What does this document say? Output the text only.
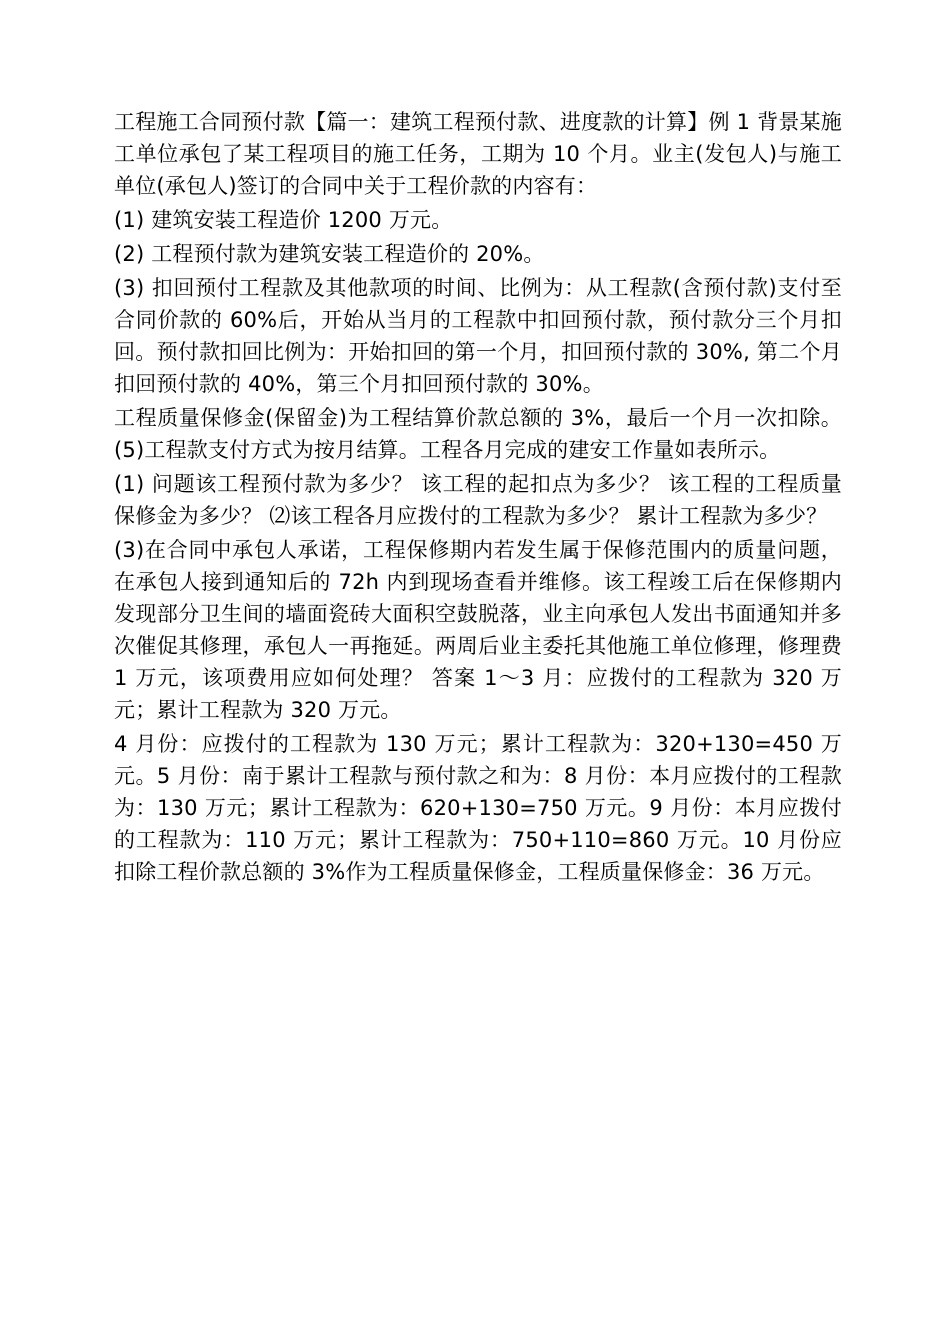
工程施工合同预付款【篇一：建筑工程预付款、进度款的计算】例 1 背景某施工单位承包了某工程项目的施工任务，工期为 10 个月。业主(发包人)与施工单位(承包人)签订的合同中关于工程价款的内容有：

(1) 建筑安装工程造价 1200 万元。

(2) 工程预付款为建筑安装工程造价的 20%。

(3) 扣回预付工程款及其他款项的时间、比例为：从工程款(含预付款)支付至合同价款的 60%后，开始从当月的工程款中扣回预付款，预付款分三个月扣回。预付款扣回比例为：开始扣回的第一个月，扣回预付款的 30%, 第二个月扣回预付款的 40%，第三个月扣回预付款的 30%。

工程质量保修金(保留金)为工程结算价款总额的 3%，最后一个月一次扣除。(5)工程款支付方式为按月结算。工程各月完成的建安工作量如表所示。

(1) 问题该工程预付款为多少？ 该工程的起扣点为多少？ 该工程的工程质量保修金为多少？ ⑵该工程各月应拨付的工程款为多少？ 累计工程款为多少？

(3)在合同中承包人承诺，工程保修期内若发生属于保修范围内的质量问题，在承包人接到通知后的 72h 内到现场查看并维修。该工程竣工后在保修期内发现部分卫生间的墙面瓷砖大面积空鼓脱落，业主向承包人发出书面通知并多次催促其修理，承包人一再拖延。两周后业主委托其他施工单位修理，修理费 1 万元，该项费用应如何处理？ 答案 1～3 月：应拨付的工程款为 320 万元；累计工程款为 320 万元。

4 月份：应拨付的工程款为 130 万元；累计工程款为：320+130=450 万元。5 月份：南于累计工程款与预付款之和为：8 月份：本月应拨付的工程款为：130 万元；累计工程款为：620+130=750 万元。9 月份：本月应拨付的工程款为：110 万元；累计工程款为：750+110=860 万元。10 月份应扣除工程价款总额的 3%作为工程质量保修金，工程质量保修金：36 万元。
